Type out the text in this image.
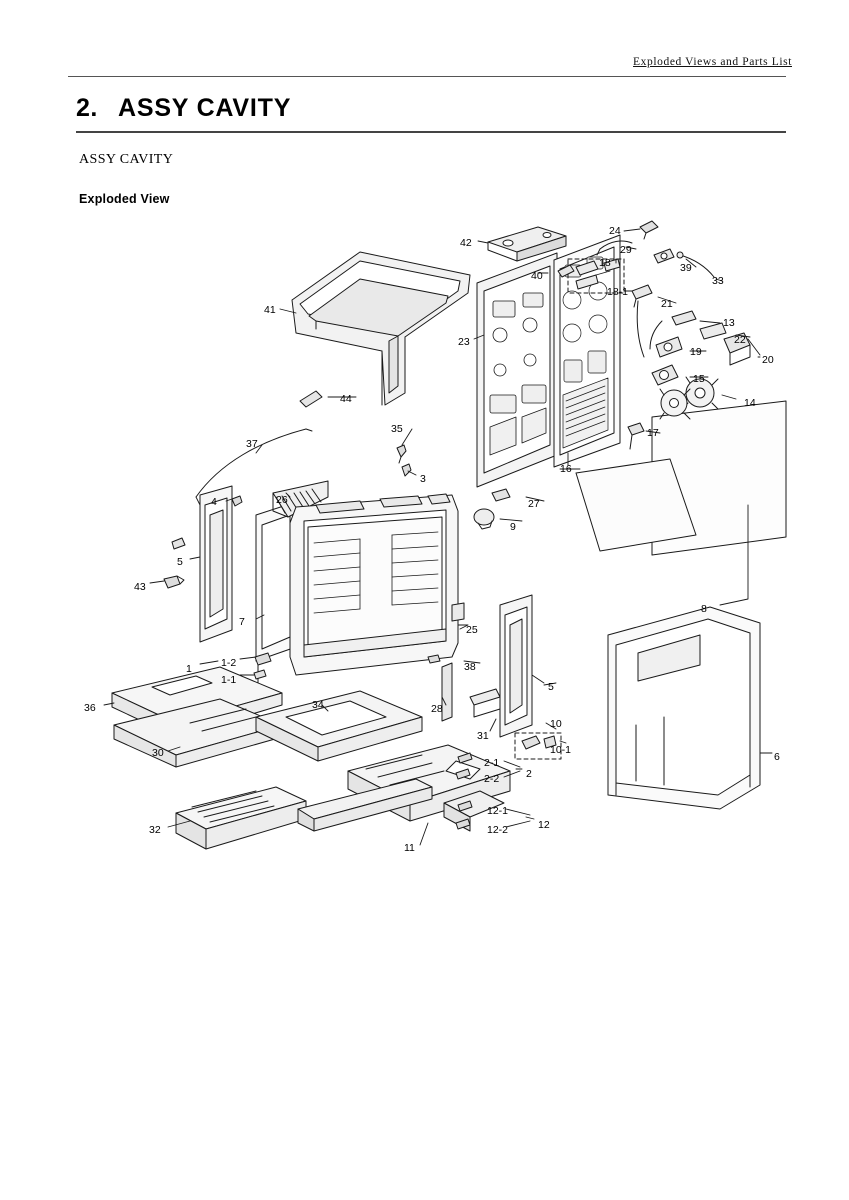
Exploded Views and Parts List
2. ASSY CAVITY
ASSY CAVITY
Exploded View
1	1-2
1-1
2
2-1
2-2
3
4
5
5
6
7
8
9
10
10-1
11
12
12-1
12-2
13
14
15
16
17
18
18-1
19
20
21
22
23
24
25
26	27
28
29
30
31
32
33
34
35
36
37
38
39
40
41
42
43
44
